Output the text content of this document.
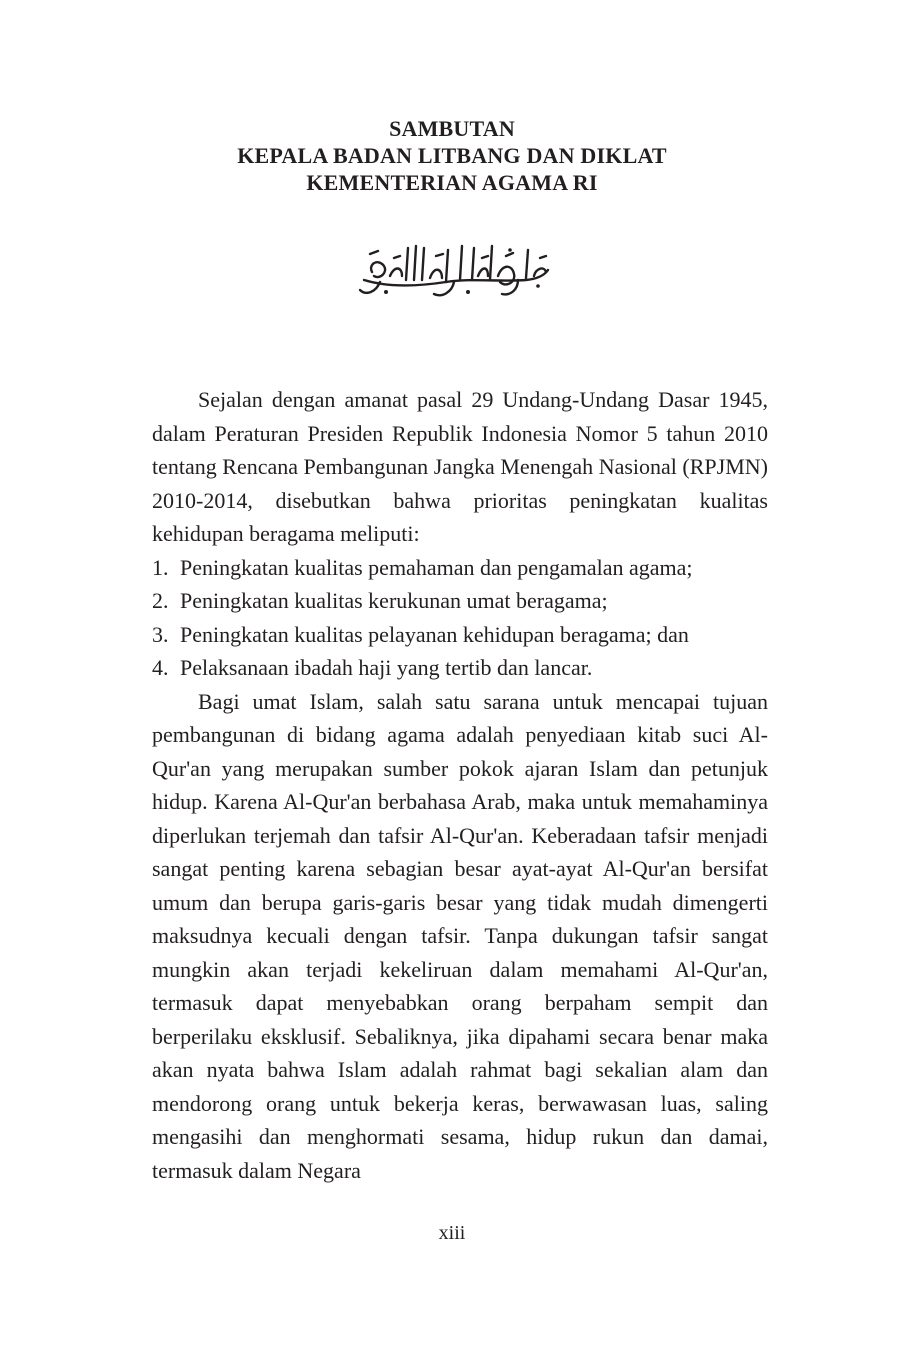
SAMBUTAN
KEPALA BADAN LITBANG DAN DIKLAT
KEMENTERIAN AGAMA RI

Sejalan dengan amanat pasal 29 Undang-Undang Dasar 1945, dalam Peraturan Presiden Republik Indonesia Nomor 5 tahun 2010 tentang Rencana Pembangunan Jangka Menengah Nasional (RPJMN) 2010-2014, disebutkan bahwa prioritas peningkatan kualitas kehidupan beragama meliputi:

1. Peningkatan kualitas pemahaman dan pengamalan agama;
2. Peningkatan kualitas kerukunan umat beragama;
3. Peningkatan kualitas pelayanan kehidupan beragama; dan
4. Pelaksanaan ibadah haji yang tertib dan lancar.

Bagi umat Islam, salah satu sarana untuk mencapai tujuan pembangunan di bidang agama adalah penyediaan kitab suci Al-Qur'an yang merupakan sumber pokok ajaran Islam dan petunjuk hidup. Karena Al-Qur'an berbahasa Arab, maka untuk memahaminya diperlukan terjemah dan tafsir Al-Qur'an. Keberadaan tafsir menjadi sangat penting karena sebagian besar ayat-ayat Al-Qur'an bersifat umum dan berupa garis-garis besar yang tidak mudah dimengerti maksudnya kecuali dengan tafsir. Tanpa dukungan tafsir sangat mungkin akan terjadi kekeliruan dalam memahami Al-Qur'an, termasuk dapat menyebabkan orang berpaham sempit dan berperilaku eksklusif. Sebaliknya, jika dipahami secara benar maka akan nyata bahwa Islam adalah rahmat bagi sekalian alam dan mendorong orang untuk bekerja keras, berwawasan luas, saling mengasihi dan menghormati sesama, hidup rukun dan damai, termasuk dalam Negara

xiii
